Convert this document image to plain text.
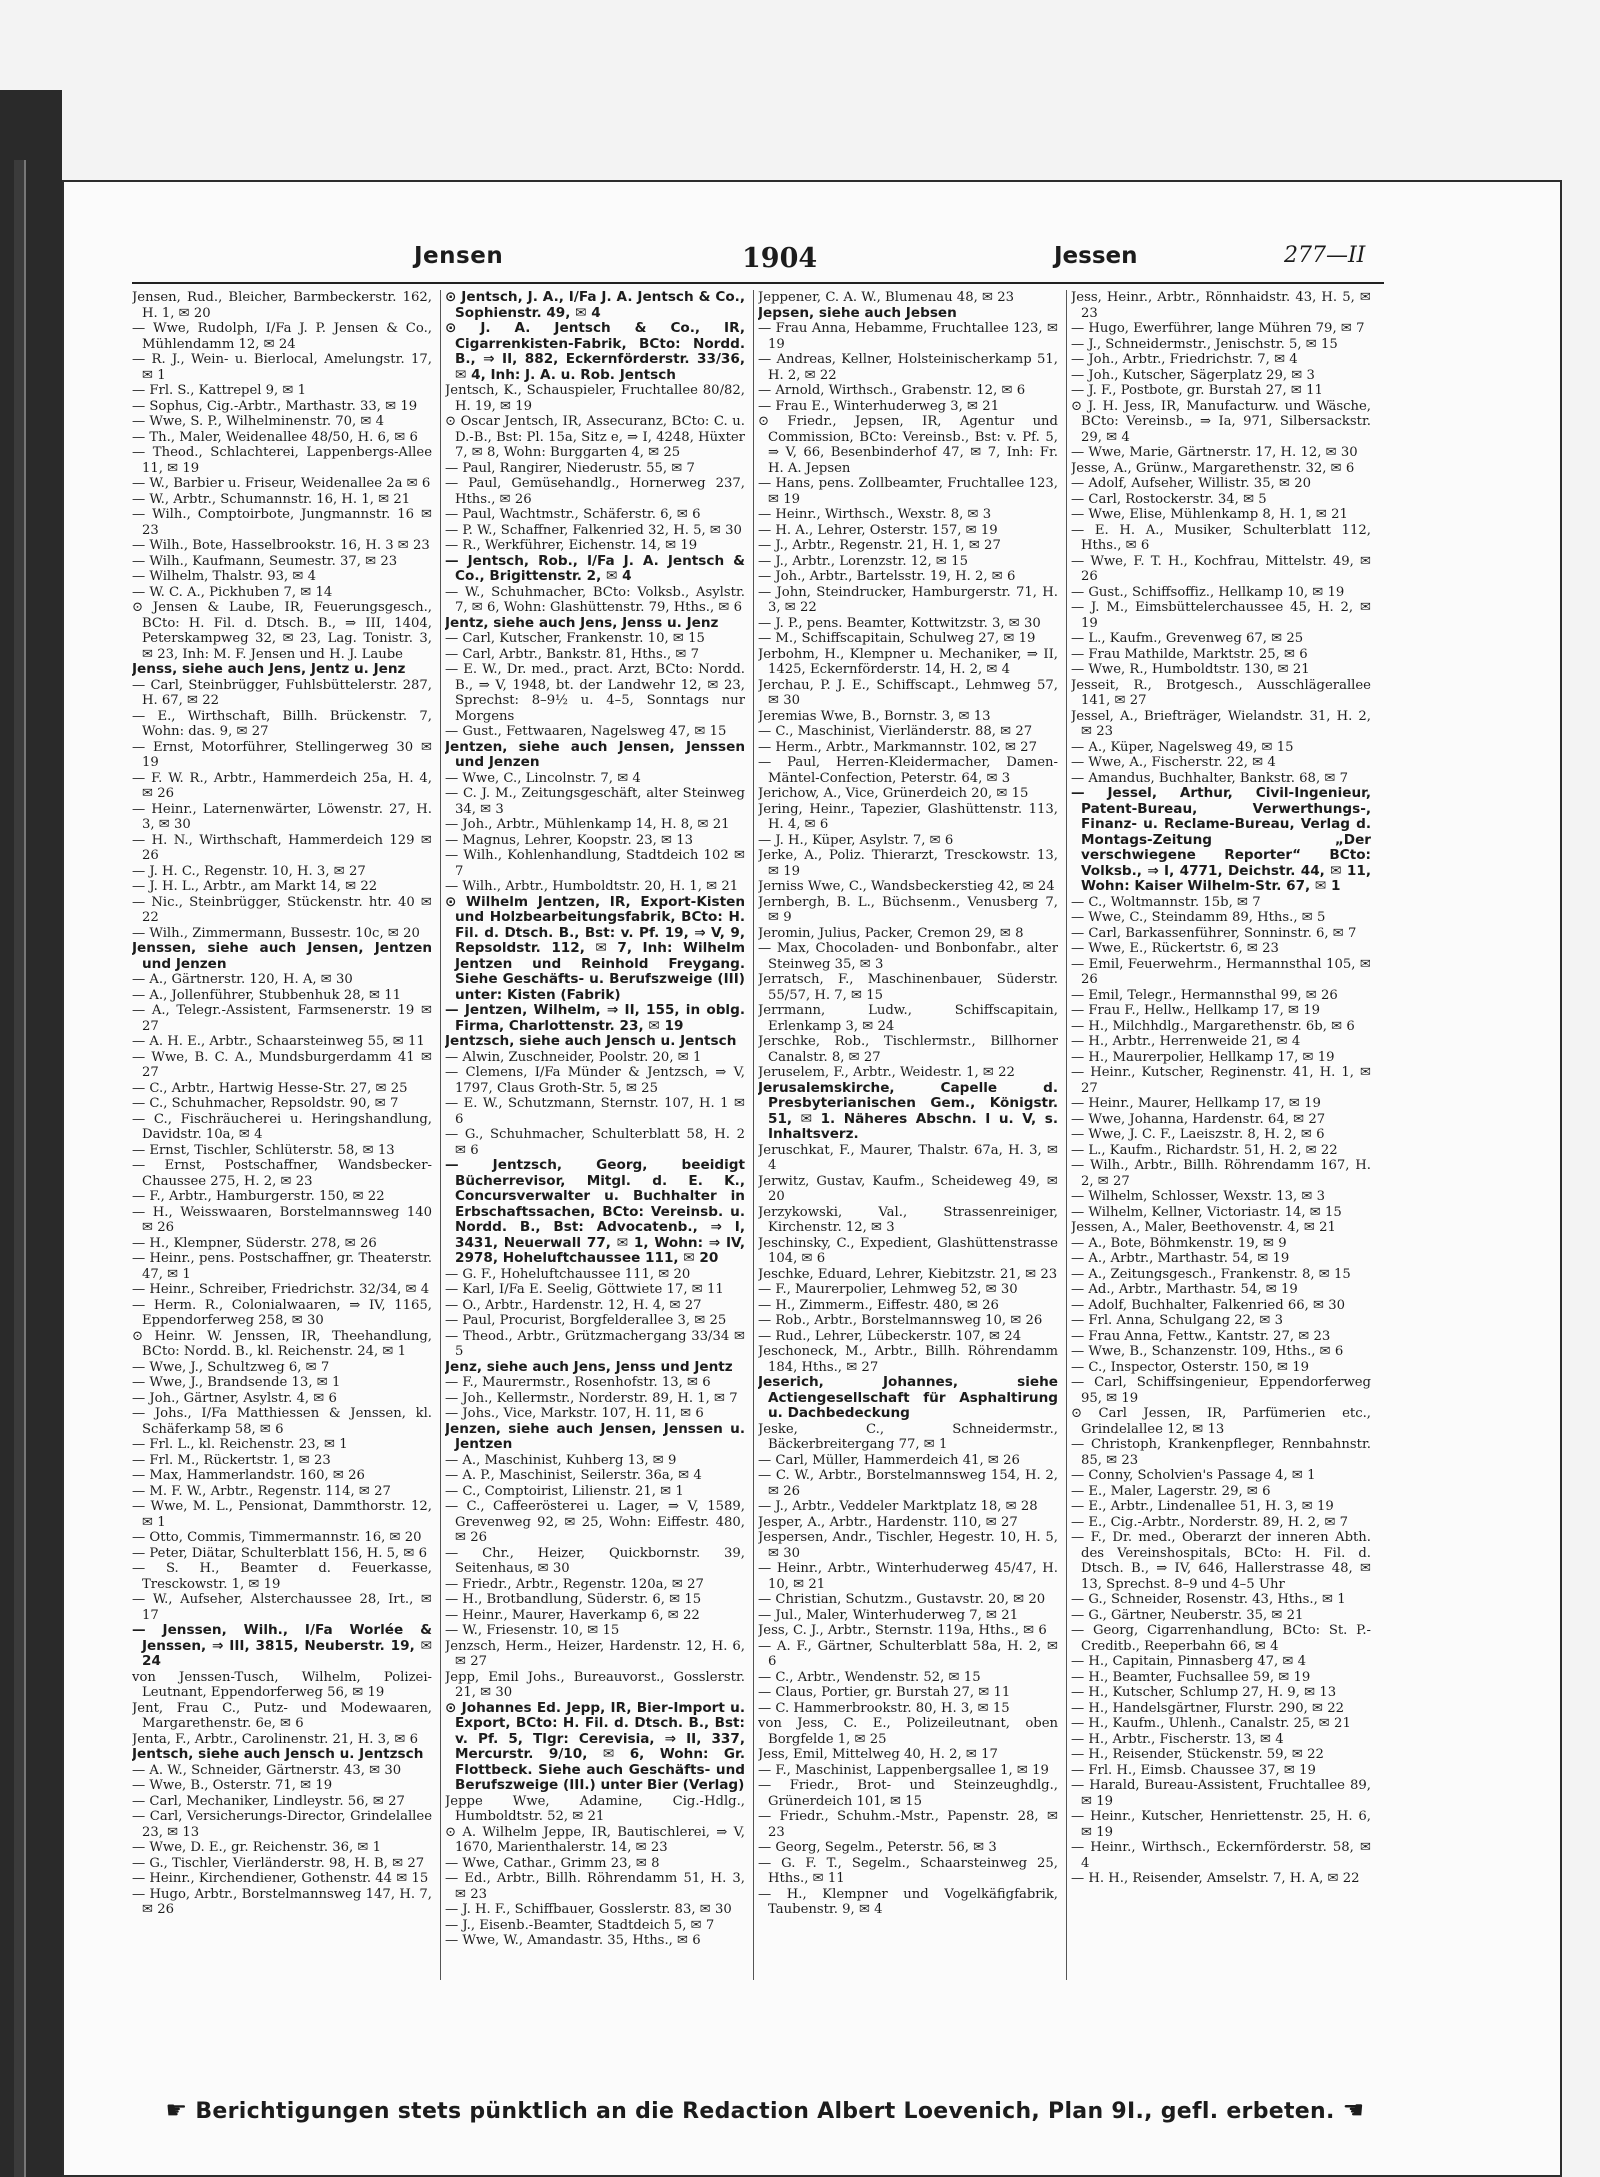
Jensen	1904	Jessen	277—II

Jensen, Rud., Bleicher, Barmbeckerstr. 162, H. 1, ✉ 20

— Wwe, Rudolph, I/Fa J. P. Jensen & Co., Mühlendamm 12, ✉ 24

— R. J., Wein- u. Bierlocal, Amelungstr. 17, ✉ 1

— Frl. S., Kattrepel 9, ✉ 1

— Sophus, Cig.-Arbtr., Marthastr. 33, ✉ 19

— Wwe, S. P., Wilhelminenstr. 70, ✉ 4

— Th., Maler, Weidenallee 48/50, H. 6, ✉ 6

— Theod., Schlachterei, Lappenbergs-Allee 11, ✉ 19

— W., Barbier u. Friseur, Weidenallee 2a ✉ 6

— W., Arbtr., Schumannstr. 16, H. 1, ✉ 21

— Wilh., Comptoirbote, Jungmannstr. 16 ✉ 23

— Wilh., Bote, Hasselbrookstr. 16, H. 3 ✉ 23

— Wilh., Kaufmann, Seumestr. 37, ✉ 23

— Wilhelm, Thalstr. 93, ✉ 4

— W. C. A., Pickhuben 7, ✉ 14

⊙ Jensen & Laube, IR, Feuerungsgesch., BCto: H. Fil. d. Dtsch. B., ⇒ III, 1404, Peterskampweg 32, ✉ 23, Lag. Tonistr. 3, ✉ 23, Inh: M. F. Jensen und H. J. Laube

Jenss, siehe auch Jens, Jentz u. Jenz

— Carl, Steinbrügger, Fuhlsbüttelerstr. 287, H. 67, ✉ 22

— E., Wirthschaft, Billh. Brückenstr. 7, Wohn: das. 9, ✉ 27

— Ernst, Motorführer, Stellingerweg 30 ✉ 19

— F. W. R., Arbtr., Hammerdeich 25a, H. 4, ✉ 26

— Heinr., Laternenwärter, Löwenstr. 27, H. 3, ✉ 30

— H. N., Wirthschaft, Hammerdeich 129 ✉ 26

— J. H. C., Regenstr. 10, H. 3, ✉ 27

— J. H. L., Arbtr., am Markt 14, ✉ 22

— Nic., Steinbrügger, Stückenstr. htr. 40 ✉ 22

— Wilh., Zimmermann, Bussestr. 10c, ✉ 20

Jenssen, siehe auch Jensen, Jentzen und Jenzen

— A., Gärtnerstr. 120, H. A, ✉ 30

— A., Jollenführer, Stubbenhuk 28, ✉ 11

— A., Telegr.-Assistent, Farmsenerstr. 19 ✉ 27

— A. H. E., Arbtr., Schaarsteinweg 55, ✉ 11

— Wwe, B. C. A., Mundsburgerdamm 41 ✉ 27

— C., Arbtr., Hartwig Hesse-Str. 27, ✉ 25

— C., Schuhmacher, Repsoldstr. 90, ✉ 7

— C., Fischräucherei u. Heringshandlung, Davidstr. 10a, ✉ 4

— Ernst, Tischler, Schlüterstr. 58, ✉ 13

— Ernst, Postschaffner, Wandsbecker-Chaussee 275, H. 2, ✉ 23

— F., Arbtr., Hamburgerstr. 150, ✉ 22

— H., Weisswaaren, Borstelmannsweg 140 ✉ 26

— H., Klempner, Süderstr. 278, ✉ 26

— Heinr., pens. Postschaffner, gr. Theaterstr. 47, ✉ 1

— Heinr., Schreiber, Friedrichstr. 32/34, ✉ 4

— Herm. R., Colonialwaaren, ⇒ IV, 1165, Eppendorferweg 258, ✉ 30

⊙ Heinr. W. Jenssen, IR, Theehandlung, BCto: Nordd. B., kl. Reichenstr. 24, ✉ 1

— Wwe, J., Schultzweg 6, ✉ 7

— Wwe, J., Brandsende 13, ✉ 1

— Joh., Gärtner, Asylstr. 4, ✉ 6

— Johs., I/Fa Matthiessen & Jenssen, kl. Schäferkamp 58, ✉ 6

— Frl. L., kl. Reichenstr. 23, ✉ 1

— Frl. M., Rückertstr. 1, ✉ 23

— Max, Hammerlandstr. 160, ✉ 26

— M. F. W., Arbtr., Regenstr. 114, ✉ 27

— Wwe, M. L., Pensionat, Dammthorstr. 12, ✉ 1

— Otto, Commis, Timmermannstr. 16, ✉ 20

— Peter, Diätar, Schulterblatt 156, H. 5, ✉ 6

— S. H., Beamter d. Feuerkasse, Tresckowstr. 1, ✉ 19

— W., Aufseher, Alsterchaussee 28, Irt., ✉ 17

— Jenssen, Wilh., I/Fa Worlée & Jenssen, ⇒ III, 3815, Neuberstr. 19, ✉ 24

von Jenssen-Tusch, Wilhelm, Polizei-Leutnant, Eppendorferweg 56, ✉ 19

Jent, Frau C., Putz- und Modewaaren, Margarethenstr. 6e, ✉ 6

Jenta, F., Arbtr., Carolinenstr. 21, H. 3, ✉ 6

Jentsch, siehe auch Jensch u. Jentzsch

— A. W., Schneider, Gärtnerstr. 43, ✉ 30

— Wwe, B., Osterstr. 71, ✉ 19

— Carl, Mechaniker, Lindleystr. 56, ✉ 27

— Carl, Versicherungs-Director, Grindelallee 23, ✉ 13

— Wwe, D. E., gr. Reichenstr. 36, ✉ 1

— G., Tischler, Vierländerstr. 98, H. B, ✉ 27

— Heinr., Kirchendiener, Gothenstr. 44 ✉ 15

— Hugo, Arbtr., Borstelmannsweg 147, H. 7, ✉ 26

⊙ Jentsch, J. A., I/Fa J. A. Jentsch & Co., Sophienstr. 49, ✉ 4

⊙ J. A. Jentsch & Co., IR, Cigarrenkisten-Fabrik, BCto: Nordd. B., ⇒ II, 882, Eckernförderstr. 33/36, ✉ 4, Inh: J. A. u. Rob. Jentsch

Jentsch, K., Schauspieler, Fruchtallee 80/82, H. 19, ✉ 19

⊙ Oscar Jentsch, IR, Assecuranz, BCto: C. u. D.-B., Bst: Pl. 15a, Sitz e, ⇒ I, 4248, Hüxter 7, ✉ 8, Wohn: Burggarten 4, ✉ 25

— Paul, Rangirer, Niederustr. 55, ✉ 7

— Paul, Gemüsehandlg., Hornerweg 237, Hths., ✉ 26

— Paul, Wachtmstr., Schäferstr. 6, ✉ 6

— P. W., Schaffner, Falkenried 32, H. 5, ✉ 30

— R., Werkführer, Eichenstr. 14, ✉ 19

— Jentsch, Rob., I/Fa J. A. Jentsch & Co., Brigittenstr. 2, ✉ 4

— W., Schuhmacher, BCto: Volksb., Asylstr. 7, ✉ 6, Wohn: Glashüttenstr. 79, Hths., ✉ 6

Jentz, siehe auch Jens, Jenss u. Jenz

— Carl, Kutscher, Frankenstr. 10, ✉ 15

— Carl, Arbtr., Bankstr. 81, Hths., ✉ 7

— E. W., Dr. med., pract. Arzt, BCto: Nordd. B., ⇒ V, 1948, bt. der Landwehr 12, ✉ 23, Sprechst: 8–9½ u. 4–5, Sonntags nur Morgens

— Gust., Fettwaaren, Nagelsweg 47, ✉ 15

Jentzen, siehe auch Jensen, Jenssen und Jenzen

— Wwe, C., Lincolnstr. 7, ✉ 4

— C. J. M., Zeitungsgeschäft, alter Steinweg 34, ✉ 3

— Joh., Arbtr., Mühlenkamp 14, H. 8, ✉ 21

— Magnus, Lehrer, Koopstr. 23, ✉ 13

— Wilh., Kohlenhandlung, Stadtdeich 102 ✉ 7

— Wilh., Arbtr., Humboldtstr. 20, H. 1, ✉ 21

⊙ Wilhelm Jentzen, IR, Export-Kisten und Holzbearbeitungsfabrik, BCto: H. Fil. d. Dtsch. B., Bst: v. Pf. 19, ⇒ V, 9, Repsoldstr. 112, ✉ 7, Inh: Wilhelm Jentzen und Reinhold Freygang. Siehe Geschäfts- u. Berufszweige (III) unter: Kisten (Fabrik)

— Jentzen, Wilhelm, ⇒ II, 155, in oblg. Firma, Charlottenstr. 23, ✉ 19

Jentzsch, siehe auch Jensch u. Jentsch

— Alwin, Zuschneider, Poolstr. 20, ✉ 1

— Clemens, I/Fa Münder & Jentzsch, ⇒ V, 1797, Claus Groth-Str. 5, ✉ 25

— E. W., Schutzmann, Sternstr. 107, H. 1 ✉ 6

— G., Schuhmacher, Schulterblatt 58, H. 2 ✉ 6

— Jentzsch, Georg, beeidigt Bücherrevisor, Mitgl. d. E. K., Concursverwalter u. Buchhalter in Erbschaftssachen, BCto: Vereinsb. u. Nordd. B., Bst: Advocatenb., ⇒ I, 3431, Neuerwall 77, ✉ 1, Wohn: ⇒ IV, 2978, Hoheluftchaussee 111, ✉ 20

— G. F., Hoheluftchaussee 111, ✉ 20

— Karl, I/Fa E. Seelig, Göttwiete 17, ✉ 11

— O., Arbtr., Hardenstr. 12, H. 4, ✉ 27

— Paul, Procurist, Borgfelderallee 3, ✉ 25

— Theod., Arbtr., Grützmacheгgang 33/34 ✉ 5

Jenz, siehe auch Jens, Jenss und Jentz

— F., Maurermstr., Rosenhofstr. 13, ✉ 6

— Joh., Kellermstr., Norderstr. 89, H. 1, ✉ 7

— Johs., Vice, Markstr. 107, H. 11, ✉ 6

Jenzen, siehe auch Jensen, Jenssen u. Jentzen

— A., Maschinist, Kuhberg 13, ✉ 9

— A. P., Maschinist, Seilerstr. 36a, ✉ 4

— C., Comptoirist, Lilienstr. 21, ✉ 1

— C., Caffeerösterei u. Lager, ⇒ V, 1589, Grevenweg 92, ✉ 25, Wohn: Eiffestr. 480, ✉ 26

— Chr., Heizer, Quickbornstr. 39, Seitenhaus, ✉ 30

— Friedr., Arbtr., Regenstr. 120a, ✉ 27

— H., Brotbandlung, Süderstr. 6, ✉ 15

— Heinr., Maurer, Haverkamp 6, ✉ 22

— W., Friesenstr. 10, ✉ 15

Jenzsch, Herm., Heizer, Hardenstr. 12, H. 6, ✉ 27

Jepp, Emil Johs., Bureauvorst., Gosslerstr. 21, ✉ 30

⊙ Johannes Ed. Jepp, IR, Bier-Import u. Export, BCto: H. Fil. d. Dtsch. B., Bst: v. Pf. 5, Tlgr: Cerevisia, ⇒ II, 337, Mercurstr. 9/10, ✉ 6, Wohn: Gr. Flottbeck. Siehe auch Geschäfts- und Berufszweige (III.) unter Bier (Verlag)

Jeppe Wwe, Adamine, Cig.-Hdlg., Humboldtstr. 52, ✉ 21

⊙ A. Wilhelm Jeppe, IR, Bautischlerei, ⇒ V, 1670, Marienthalerstr. 14, ✉ 23

— Wwe, Cathar., Grimm 23, ✉ 8

— Ed., Arbtr., Billh. Röhrendamm 51, H. 3, ✉ 23

— J. H. F., Schiffbauer, Gosslerstr. 83, ✉ 30

— J., Eisenb.-Beamter, Stadtdeich 5, ✉ 7

— Wwe, W., Amandastr. 35, Hths., ✉ 6

Jeppener, C. A. W., Blumenau 48, ✉ 23

Jepsen, siehe auch Jebsen

— Frau Anna, Hebamme, Fruchtallee 123, ✉ 19

— Andreas, Kellner, Holsteinischerkamp 51, H. 2, ✉ 22

— Arnold, Wirthsch., Grabenstr. 12, ✉ 6

— Frau E., Winterhuderweg 3, ✉ 21

⊙ Friedr., Jepsen, IR, Agentur und Commission, BCto: Vereinsb., Bst: v. Pf. 5, ⇒ V, 66, Besenbinderhof 47, ✉ 7, Inh: Fr. H. A. Jepsen

— Hans, pens. Zollbeamter, Fruchtallee 123, ✉ 19

— Heinr., Wirthsch., Wexstr. 8, ✉ 3

— H. A., Lehrer, Osterstr. 157, ✉ 19

— J., Arbtr., Regenstr. 21, H. 1, ✉ 27

— J., Arbtr., Lorenzstr. 12, ✉ 15

— Joh., Arbtr., Bartelsstr. 19, H. 2, ✉ 6

— John, Steindrucker, Hamburgerstr. 71, H. 3, ✉ 22

— J. P., pens. Beamter, Kottwitzstr. 3, ✉ 30

— M., Schiffscapitain, Schulweg 27, ✉ 19

Jerbohm, H., Klempner u. Mechaniker, ⇒ II, 1425, Eckernförderstr. 14, H. 2, ✉ 4

Jerchau, P. J. E., Schiffscapt., Lehmweg 57, ✉ 30

Jeremias Wwe, B., Bornstr. 3, ✉ 13

— C., Maschinist, Vierländerstr. 88, ✉ 27

— Herm., Arbtr., Markmannstr. 102, ✉ 27

— Paul, Herren-Kleidermacher, Damen-Mäntel-Confection, Peterstr. 64, ✉ 3

Jerichow, A., Vice, Grünerdeich 20, ✉ 15

Jering, Heinr., Tapezier, Glashüttenstr. 113, H. 4, ✉ 6

— J. H., Küper, Asylstr. 7, ✉ 6

Jerke, A., Poliz. Thierarzt, Tresckowstr. 13, ✉ 19

Jerniss Wwe, C., Wandsbeckerstieg 42, ✉ 24

Jernbergh, B. L., Büchsenm., Venusberg 7, ✉ 9

Jeromin, Julius, Packer, Cremon 29, ✉ 8

— Max, Chocoladen- und Bonbonfabr., alter Steinweg 35, ✉ 3

Jerratsch, F., Maschinenbauer, Süderstr. 55/57, H. 7, ✉ 15

Jerrmann, Ludw., Schiffscapitain, Erlenkamp 3, ✉ 24

Jerschke, Rob., Tischlermstr., Billhorner Canalstr. 8, ✉ 27

Jeruselem, F., Arbtr., Weidestr. 1, ✉ 22

Jerusalemskirche, Capelle d. Presbyterianischen Gem., Königstr. 51, ✉ 1. Näheres Abschn. I u. V, s. Inhaltsverz.

Jeruschkat, F., Maurer, Thalstr. 67a, H. 3, ✉ 4

Jerwitz, Gustav, Kaufm., Scheideweg 49, ✉ 20

Jerzykowski, Val., Strassenreiniger, Kirchenstr. 12, ✉ 3

Jeschinsky, C., Expedient, Glashüttenstrasse 104, ✉ 6

Jeschke, Eduard, Lehrer, Kiebitzstr. 21, ✉ 23

— F., Maurerpolier, Lehmweg 52, ✉ 30

— H., Zimmerm., Eiffestr. 480, ✉ 26

— Rob., Arbtr., Borstelmannsweg 10, ✉ 26

— Rud., Lehrer, Lübeckerstr. 107, ✉ 24

Jeschoneck, M., Arbtr., Billh. Röhrendamm 184, Hths., ✉ 27

Jeserich, Johannes, siehe Actiengesellschaft für Asphaltirung u. Dachbedeckung

Jeske, C., Schneidermstr., Bäckerbreitergang 77, ✉ 1

— Carl, Müller, Hammerdeich 41, ✉ 26

— C. W., Arbtr., Borstelmannsweg 154, H. 2, ✉ 26

— J., Arbtr., Veddeler Marktplatz 18, ✉ 28

Jesper, A., Arbtr., Hardenstr. 110, ✉ 27

Jespersen, Andr., Tischler, Hegestr. 10, H. 5, ✉ 30

— Heinr., Arbtr., Winterhuderweg 45/47, H. 10, ✉ 21

— Christian, Schutzm., Gustavstr. 20, ✉ 20

— Jul., Maler, Winterhuderweg 7, ✉ 21

Jess, C. J., Arbtr., Sternstr. 119a, Hths., ✉ 6

— A. F., Gärtner, Schulterblatt 58a, H. 2, ✉ 6

— C., Arbtr., Wendenstr. 52, ✉ 15

— Claus, Portier, gr. Burstah 27, ✉ 11

— C. Hammerbrookstr. 80, H. 3, ✉ 15

von Jess, C. E., Polizeileutnant, oben Borgfelde 1, ✉ 25

Jess, Emil, Mittelweg 40, H. 2, ✉ 17

— F., Maschinist, Lappenbergsallee 1, ✉ 19

— Friedr., Brot- und Steinzeughdlg., Grünerdeich 101, ✉ 15

— Friedr., Schuhm.-Mstr., Papenstr. 28, ✉ 23

— Georg, Segelm., Peterstr. 56, ✉ 3

— G. F. T., Segelm., Schaarsteinweg 25, Hths., ✉ 11

— H., Klempner und Vogelkäfigfabrik, Taubenstr. 9, ✉ 4

Jess, Heinr., Arbtr., Rönnhaidstr. 43, H. 5, ✉ 23

— Hugo, Ewerführer, lange Mühren 79, ✉ 7

— J., Schneidermstr., Jenischstr. 5, ✉ 15

— Joh., Arbtr., Friedrichstr. 7, ✉ 4

— Joh., Kutscher, Sägerplatz 29, ✉ 3

— J. F., Postbote, gr. Burstah 27, ✉ 11

⊙ J. H. Jess, IR, Manufacturw. und Wäsche, BCto: Vereinsb., ⇒ Ia, 971, Silbersackstr. 29, ✉ 4

— Wwe, Marie, Gärtnerstr. 17, H. 12, ✉ 30

Jesse, A., Grünw., Margarethenstr. 32, ✉ 6

— Adolf, Aufseher, Willistr. 35, ✉ 20

— Carl, Rostockerstr. 34, ✉ 5

— Wwe, Elise, Mühlenkamp 8, H. 1, ✉ 21

— E. H. A., Musiker, Schulterblatt 112, Hths., ✉ 6

— Wwe, F. T. H., Kochfrau, Mittelstr. 49, ✉ 26

— Gust., Schiffsoffiz., Hellkamp 10, ✉ 19

— J. M., Eimsbüttelerchaussee 45, H. 2, ✉ 19

— L., Kaufm., Grevenweg 67, ✉ 25

— Frau Mathilde, Marktstr. 25, ✉ 6

— Wwe, R., Humboldtstr. 130, ✉ 21

Jesseit, R., Brotgesch., Ausschlägerallee 141, ✉ 27

Jessel, A., Briefträger, Wielandstr. 31, H. 2, ✉ 23

— A., Küper, Nagelsweg 49, ✉ 15

— Wwe, A., Fischerstr. 22, ✉ 4

— Amandus, Buchhalter, Bankstr. 68, ✉ 7

— Jessel, Arthur, Civil-Ingenieur, Patent-Bureau, Verwerthungs-, Finanz- u. Reclame-Bureau, Verlag d. Montags-Zeitung „Der verschwiegene Reporter“ BCto: Volksb., ⇒ I, 4771, Deichstr. 44, ✉ 11, Wohn: Kaiser Wilhelm-Str. 67, ✉ 1

— C., Woltmannstr. 15b, ✉ 7

— Wwe, C., Steindamm 89, Hths., ✉ 5

— Carl, Barkassenführer, Sonninstr. 6, ✉ 7

— Wwe, E., Rückertstr. 6, ✉ 23

— Emil, Feuerwehrm., Hermannsthal 105, ✉ 26

— Emil, Telegr., Hermannsthal 99, ✉ 26

— Frau F., Hellw., Hellkamp 17, ✉ 19

— H., Milchhdlg., Margarethenstr. 6b, ✉ 6

— H., Arbtr., Herrenweide 21, ✉ 4

— H., Maurerpolier, Hellkamp 17, ✉ 19

— Heinr., Kutscher, Reginenstr. 41, H. 1, ✉ 27

— Heinr., Maurer, Hellkamp 17, ✉ 19

— Wwe, Johanna, Hardenstr. 64, ✉ 27

— Wwe, J. C. F., Laeiszstr. 8, H. 2, ✉ 6

— L., Kaufm., Richardstr. 51, H. 2, ✉ 22

— Wilh., Arbtr., Billh. Röhrendamm 167, H. 2, ✉ 27

— Wilhelm, Schlosser, Wexstr. 13, ✉ 3

— Wilhelm, Kellner, Victoriastr. 14, ✉ 15

Jessen, A., Maler, Beethovenstr. 4, ✉ 21

— A., Bote, Böhmkenstr. 19, ✉ 9

— A., Arbtr., Marthastr. 54, ✉ 19

— A., Zeitungsgesch., Frankenstr. 8, ✉ 15

— Ad., Arbtr., Marthastr. 54, ✉ 19

— Adolf, Buchhalter, Falkenried 66, ✉ 30

— Frl. Anna, Schulgang 22, ✉ 3

— Frau Anna, Fettw., Kantstr. 27, ✉ 23

— Wwe, B., Schanzenstr. 109, Hths., ✉ 6

— C., Inspector, Osterstr. 150, ✉ 19

— Carl, Schiffsingenieur, Eppendorferweg 95, ✉ 19

⊙ Carl Jessen, IR, Parfümerien etc., Grindelallee 12, ✉ 13

— Christoph, Krankenpfleger, Rennbahnstr. 85, ✉ 23

— Conny, Scholvien's Passage 4, ✉ 1

— E., Maler, Lagerstr. 29, ✉ 6

— E., Arbtr., Lindenallee 51, H. 3, ✉ 19

— E., Cig.-Arbtr., Norderstr. 89, H. 2, ✉ 7

— F., Dr. med., Oberarzt der inneren Abth. des Vereinshospitals, BCto: H. Fil. d. Dtsch. B., ⇒ IV, 646, Hallerstrasse 48, ✉ 13, Sprechst. 8–9 und 4–5 Uhr

— G., Schneider, Rosenstr. 43, Hths., ✉ 1

— G., Gärtner, Neuberstr. 35, ✉ 21

— Georg, Cigarrenhandlung, BCto: St. P.-Creditb., Reeperbahn 66, ✉ 4

— H., Capitain, Pinnasberg 47, ✉ 4

— H., Beamter, Fuchsallee 59, ✉ 19

— H., Kutscher, Schlump 27, H. 9, ✉ 13

— H., Handelsgärtner, Flurstr. 290, ✉ 22

— H., Kaufm., Uhlenh., Canalstr. 25, ✉ 21

— H., Arbtr., Fischerstr. 13, ✉ 4

— H., Reisender, Stückenstr. 59, ✉ 22

— Frl. H., Eimsb. Chaussee 37, ✉ 19

— Harald, Bureau-Assistent, Fruchtallee 89, ✉ 19

— Heinr., Kutscher, Henriettenstr. 25, H. 6, ✉ 19

— Heinr., Wirthsch., Eckernförderstr. 58, ✉ 4

— H. H., Reisender, Amselstr. 7, H. A, ✉ 22

☛ Berichtigungen stets pünktlich an die Redaction Albert Loevenich, Plan 9I., gefl. erbeten. ☚
